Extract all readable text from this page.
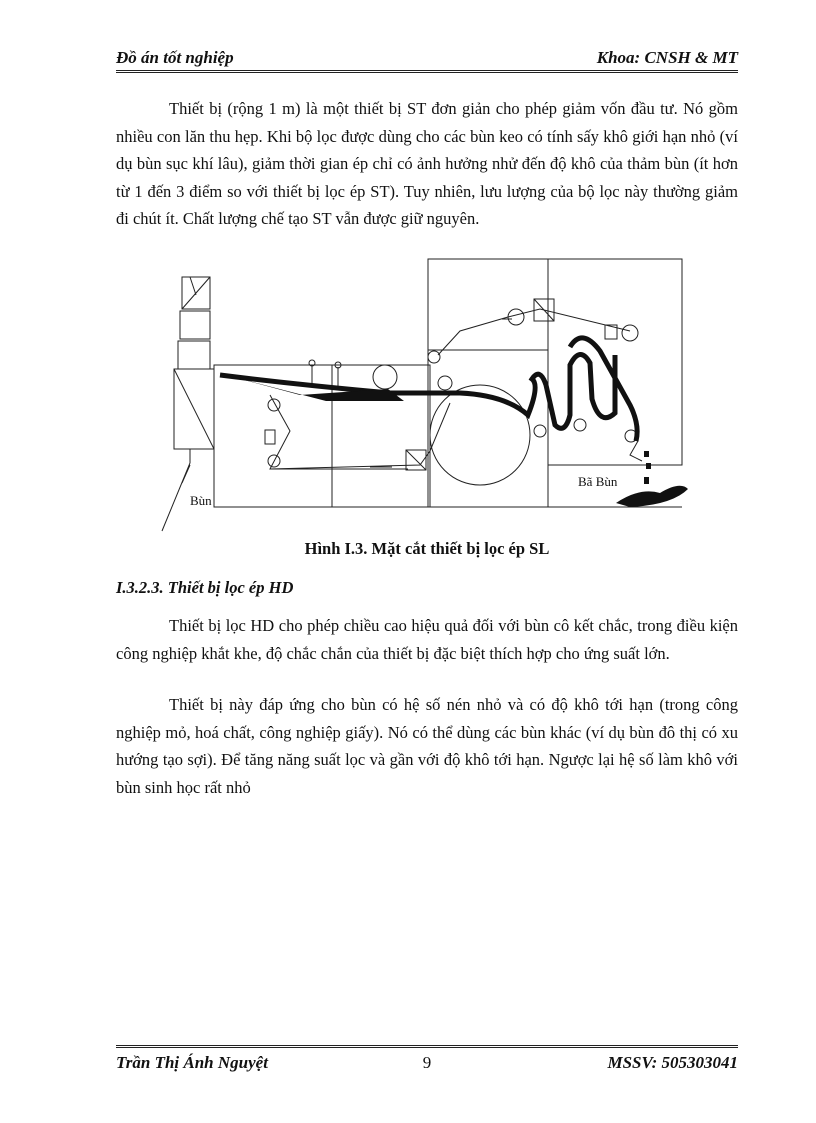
Đồ án tốt nghiệp	Khoa: CNSH & MT

Thiết bị (rộng 1 m) là một thiết bị ST đơn giản cho phép giảm vốn đầu tư. Nó gồm nhiều con lăn thu hẹp. Khi bộ lọc được dùng cho các bùn keo có tính sấy khô giới hạn nhỏ (ví dụ bùn sục khí lâu), giảm thời gian ép chỉ có ảnh hưởng nhử đến độ khô của thảm bùn (ít hơn từ 1 đến 3 điểm so với thiết bị lọc ép ST). Tuy nhiên, lưu lượng của bộ lọc này thường giảm đi chút ít. Chất lượng chế tạo ST vẫn được giữ nguyên.

Bùn
Bã Bùn
Hình I.3. Mặt cắt thiết bị lọc ép SL
I.3.2.3. Thiết bị lọc ép HD

Thiết bị lọc HD cho phép chiều cao hiệu quả đối với bùn cô kết chắc, trong điều kiện công nghiệp khắt khe, độ chắc chắn của thiết bị đặc biệt thích hợp cho ứng suất lớn.

Thiết bị này đáp ứng cho bùn có hệ số nén nhỏ và có độ khô tới hạn (trong công nghiệp mỏ, hoá chất, công nghiệp giấy). Nó có thể dùng các bùn khác (ví dụ bùn đô thị có xu hướng tạo sợi). Để tăng năng suất lọc và gần với độ khô tới hạn. Ngược lại hệ số làm khô với bùn sinh học rất nhỏ

Trần Thị Ánh Nguyệt	9	MSSV: 505303041
